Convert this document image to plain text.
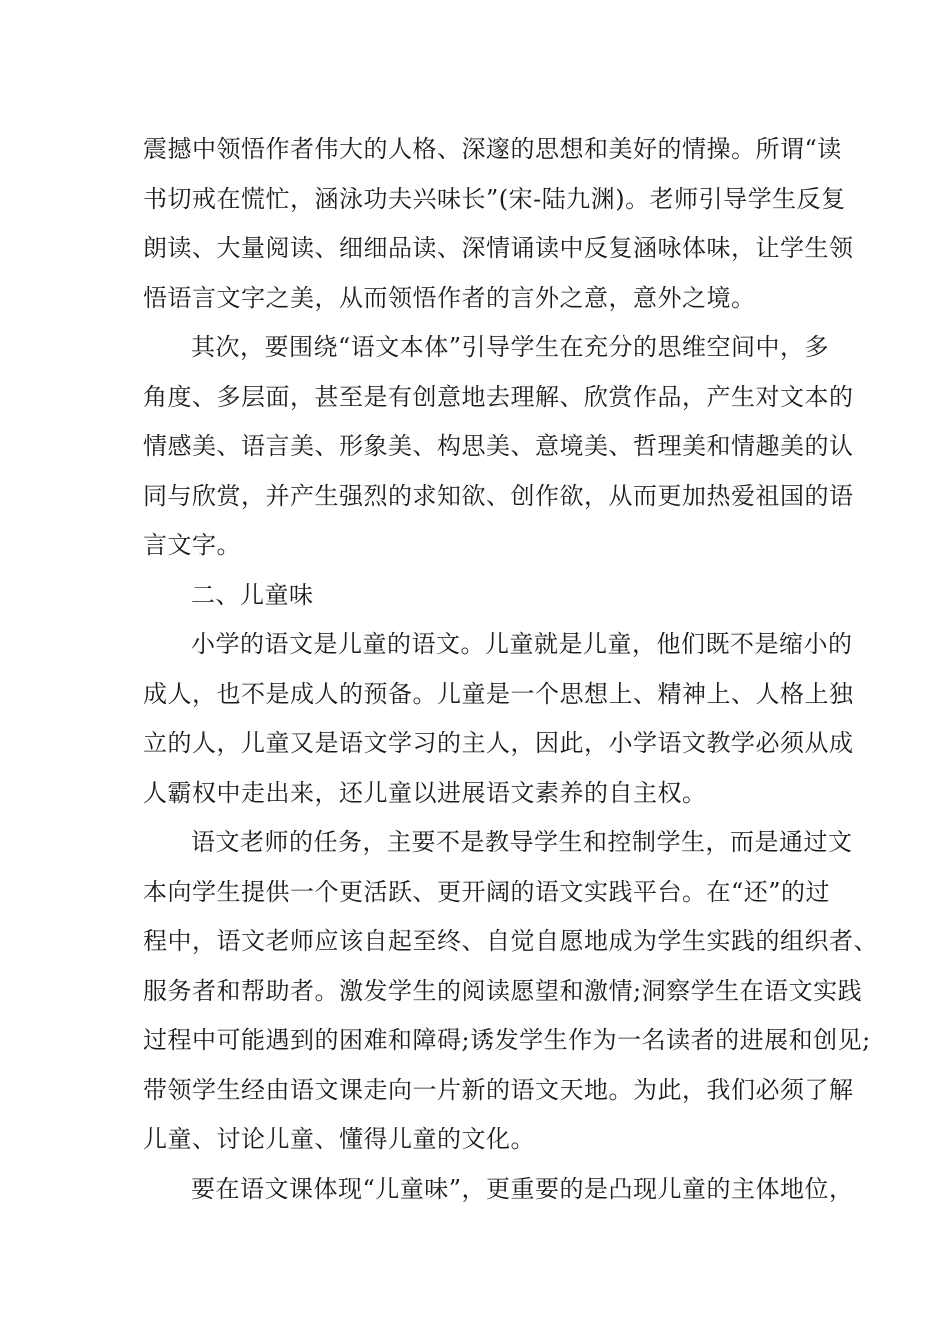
震撼中领悟作者伟大的人格、深邃的思想和美好的情操。所谓“读
书切戒在慌忙，涵泳功夫兴味长”(宋-陆九渊)。老师引导学生反复
朗读、大量阅读、细细品读、深情诵读中反复涵咏体味，让学生领
悟语言文字之美，从而领悟作者的言外之意，意外之境。
其次，要围绕“语文本体”引导学生在充分的思维空间中，多
角度、多层面，甚至是有创意地去理解、欣赏作品，产生对文本的
情感美、语言美、形象美、构思美、意境美、哲理美和情趣美的认
同与欣赏，并产生强烈的求知欲、创作欲，从而更加热爱祖国的语
言文字。
二、儿童味
小学的语文是儿童的语文。儿童就是儿童，他们既不是缩小的
成人，也不是成人的预备。儿童是一个思想上、精神上、人格上独
立的人，儿童又是语文学习的主人，因此，小学语文教学必须从成
人霸权中走出来，还儿童以进展语文素养的自主权。
语文老师的任务，主要不是教导学生和控制学生，而是通过文
本向学生提供一个更活跃、更开阔的语文实践平台。在“还”的过
程中，语文老师应该自起至终、自觉自愿地成为学生实践的组织者、
服务者和帮助者。激发学生的阅读愿望和激情;洞察学生在语文实践
过程中可能遇到的困难和障碍;诱发学生作为一名读者的进展和创见;
带领学生经由语文课走向一片新的语文天地。为此，我们必须了解
儿童、讨论儿童、懂得儿童的文化。
要在语文课体现“儿童味”，更重要的是凸现儿童的主体地位，
